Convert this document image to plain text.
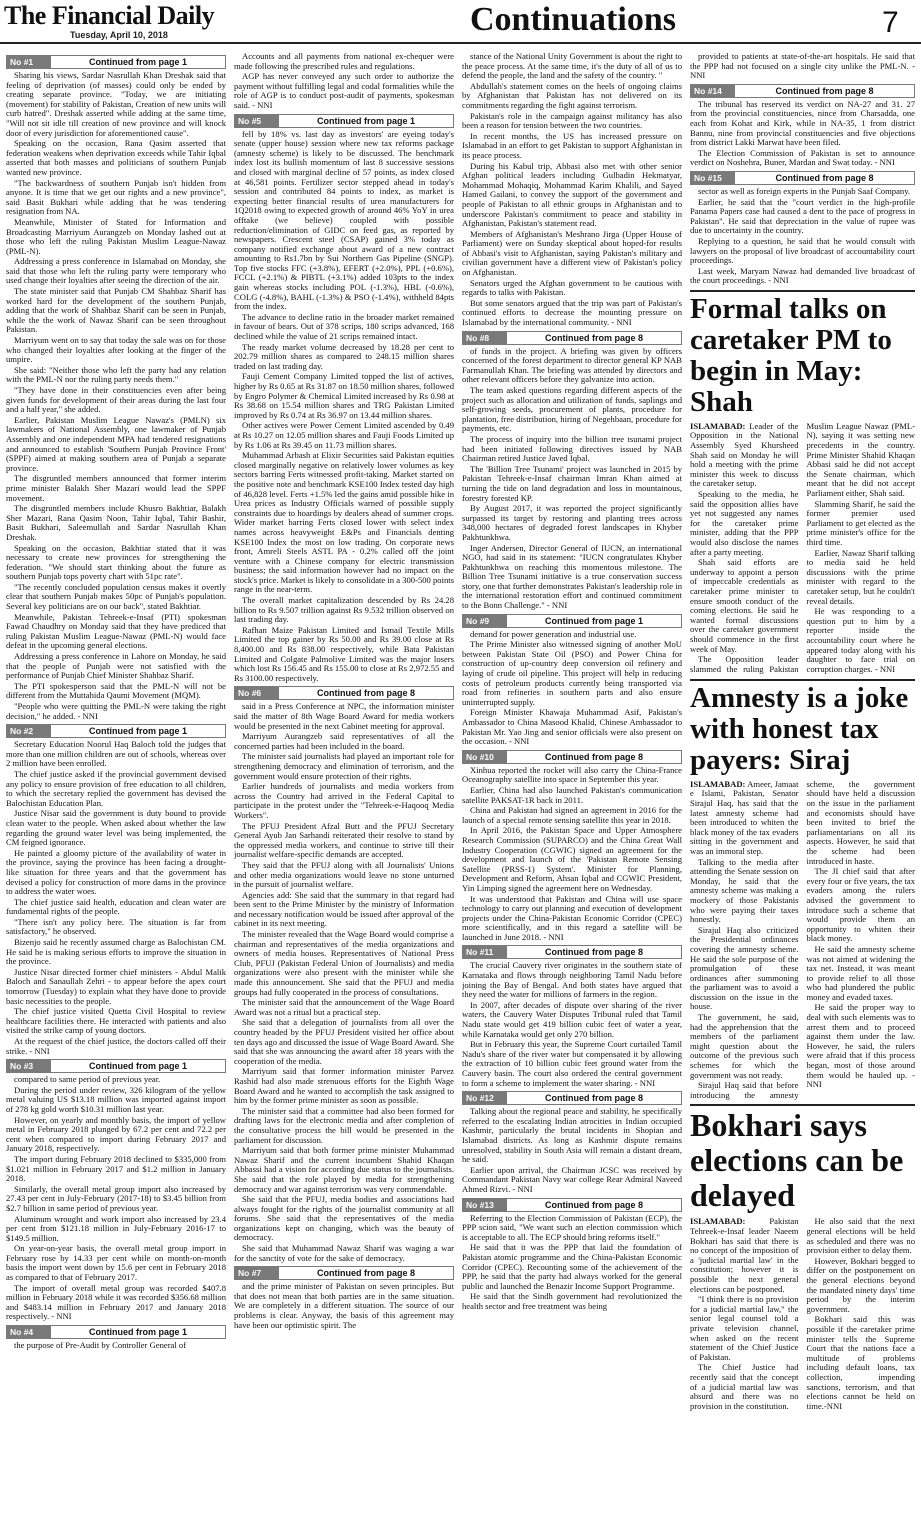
The Financial Daily
Tuesday, April 10, 2018	Continuations	7
No #1	Continued from page 1

Sharing his views, Sardar Nasrullah Khan Dreshak said that feeling of deprivation (of masses) could only be ended by creating separate province. "Today, we are initiating (movement) for stability of Pakistan, Creation of new units will curb hatred". Dreshak asserted while adding at the same time, "Will not sit idle till creation of new province and will knock door of every jurisdiction for aforementioned cause".

Speaking on the occasion, Rana Qasim asserted that federation weakens when deprivation exceeds while Tahir Iqbal asserted that both masses and politicians of southern Punjab wanted new province.

"The backwardness of southern Punjab isn't hidden from anyone. It is time that we get our rights and a new province", said Basit Bukhari while adding that he was tendering resignation from NA.

Meanwhile, Minister of Stated for Information and Broadcasting Marriyum Aurangzeb on Monday lashed out at those who left the ruling Pakistan Muslim League-Nawaz (PML-N).

Addressing a press conference in Islamabad on Monday, she said that those who left the ruling party were temporary who used change their loyalties after seeing the direction of the air.

The state minister said that Punjab CM Shahbaz Sharif has worked hard for the development of the southern Punjab, adding that the work of Shahbaz Sharif can be seen in Punjab, while the the work of Nawaz Sharif can be seen throughout Pakistan.

Marriyum went on to say that today the sale was on for those who changed their loyalties after looking at the finger of the umpire.

She said: "Neither those who left the party had any relation with the PML-N nor the ruling party needs them."

"They have done in their constituencies even after being given funds for development of their areas during the last four and a half year," she added.

Earlier, Pakistan Muslim League Nawaz's (PMLN) six lawmakers of National Assembly, one lawmaker of Punjab Assembly and one independent MPA had tendered resignations and announced to establish 'Southern Punjab Province Front' (SPPF) aimed at making southern area of Punjab a separate province.

The disgruntled members announced that former interim prime minister Balakh Sher Mazari would lead the SPPF movement.

The disgruntled members include Khusro Bakhtiar, Balakh Sher Mazari, Rana Qasim Noon, Tahir Iqbal, Tahir Bashir, Basit Bukhari, Saleemullah and Sardar Nasrullah Khan Dreshak.

Speaking on the occasion, Bakhtiar stated that it was necessary to create new provinces for strengthening the federation. "We should start thinking about the future as southern Punjab tops poverty chart with 51pc rate".

"The recently concluded population census makes it overtly clear that southern Punjab makes 50pc of Punjab's population. Several key politicians are on our back", stated Bakhtiar.

Meanwhile, Pakistan Tehreek-e-Insaf (PTI) spokesman Fawad Chaudhry on Monday said that they have prediced that ruling Pakistan Muslim League-Nawaz (PML-N) would face defeat in the upcoming general elections.

Addressing a press conference in Lahore on Monday, he said that the people of Punjab were not satisfied with the performance of Punjab Chief Minister Shahbaz Sharif.

The PTI spokesperson said that the PML-N will not be different from the Muttahida Qaumi Movement (MQM).

"People who were quitting the PML-N were taking the right decision," he added. - NNI

No #2	Continued from page 1

Secretary Education Noorul Haq Baloch told the judges that more than one million children are out of schools, whereas over 2 million have been enrolled.

The chief justice asked if the provincial government devised any policy to ensure provision of free education to all children, to which the secretary replied the government has devised the Balochistan Education Plan.

Justice Nisar said the government is duty bound to provide clean water to the people. When asked about whether the law regarding the ground water level was being implemented, the CM feigned ignorance.

He painted a gloomy picture of the availability of water in the province, saying the province has been facing a drought-like situation for three years and that the government has devised a policy for construction of more dams in the province to address the water woes.

The chief justice said health, education and clean water are fundamental rights of the people.

"There isn't any policy here. The situation is far from satisfactory," he observed.

Bizenjo said he recently assumed charge as Balochistan CM. He said he is making serious efforts to improve the situation in the province.

Justice Nisar directed former chief ministers - Abdul Malik Baloch and Sanaullah Zehri - to appear before the apex court tomorrow (Tuesday) to explain what they have done to provide basic necessities to the people.

The chief justice visited Quetta Civil Hospital to review healthcare facilities there. He interacted with patients and also visited the strike camp of young doctors.

At the request of the chief justice, the doctors called off their strike. - NNI

No #3	Continued from page 1

compared to same period of previous year.

During the period under review, 326 kilogram of the yellow metal valuing US $13.18 million was imported against import of 278 kg gold worth $10.31 million last year.

However, on yearly and monthly basis, the import of yellow metal in February 2018 plunged by 67.2 per cent and 72.2 per cent when compared to import during February 2017 and January 2018, respectively.

The import during February 2018 declined to $335,000 from $1.021 million in February 2017 and $1.2 million in January 2018.

Similarly, the overall metal group import also increased by 27.43 per cent in July-February (2017-18) to $3.45 billion from $2.7 billion in same period of previous year.

Aluminum wrought and work import also increased by 23.4 per cent from $121.18 million in July-February 2016-17 to $149.5 million.

On year-on-year basis, the overall metal group import in February rose by 14.33 per cent while on month-on-month basis the import went down by 15.6 per cent in February 2018 as compared to that of February 2017.

The import of overall metal group was recorded $407.8 million in February 2018 while it was recorded $356.68 million and $483.14 million in February 2017 and January 2018 respectively. - NNI

No #4	Continued from page 1

the purpose of Pre-Audit by Controller General of

Accounts and all payments from national ex-chequer were made following the prescribed rules and regulations.

AGP has never conveyed any such order to authorize the payment without fulfilling legal and codal formalities while the role of AGP is to conduct post-audit of payments, spokesman said. - NNI

No #5	Continued from page 1

fell by 18% vs. last day as investors' are eyeing today's senate (upper house) session where new tax reforms package (amnesty scheme) is likely to be discussed. The benchmark index lost its bullish momentum of last 8 successive sessions and closed with marginal decline of 57 points, as index closed at 46,581 points. Fertilizer sector stepped ahead in today's session and contributed 84 points to index, as market is expecting better financial results of urea manufacturers for 1Q2018 owing to expected growth of around 46% YoY in urea offtake (we believe) coupled with possible reduction/elimination of GIDC on feed gas, as reported by newspapers. Crescent steel (CSAP) gained 3% today as company notified exchange about award of a new contract amounting to Rs1.7bn by Sui Northern Gas Pipeline (SNGP). Top five stocks FFC (+3.8%), EFERT (+2.0%), PPL (+0.6%), FCCL (+2.1%) & PIBTL (+3.1%) added 103pts to the index gain whereas stocks including POL (-1.3%), HBL (-0.6%), COLG (-4.8%), BAHL (-1.3%) & PSO (-1.4%), withheld 84pts from the index.

The advance to decline ratio in the broader market remained in favour of bears. Out of 378 scrips, 180 scrips advanced, 168 declined while the value of 21 scrips remained intact.

The ready market volume decreased by 18.28 per cent to 202.79 million shares as compared to 248.15 million shares traded on last trading day.

Fauji Cement Company Limited topped the list of actives, higher by Rs 0.65 at Rs 31.87 on 18.50 million shares, followed by Engro Polymer & Chemical Limited increased by Rs 0.98 at Rs 38.68 on 15.54 million shares and TRG Pakistan Limited improved by Rs 0.74 at Rs 36.97 on 13.44 million shares.

Other actives were Power Cement Limited ascended by 0.49 at Rs 10.27 on 12.05 million shares and Fauji Foods Limited up by Rs 1.06 at Rs 39.45 on 11.73 million shares.

Muhammad Arbash at Elixir Securities said Pakistan equities closed marginally negative on relatively lower volumes as key sectors barring Ferts witnessed profit-taking. Market started on the positive note and benchmark KSE100 Index tested day high of 46,828 level. Ferts +1.5% led the gains amid possible hike in Urea prices as Industry Officials warned of possible supply constraints due to hoardings by dealers ahead of summer crops. Wider market barring Ferts closed lower with select index names across heavyweight E&Ps and Financials denting KSE100 Index the most on low trading. On corporate news front, Amreli Steels ASTL PA - 0.2% called off the joint venture with a Chinese company for electric transmission business; the said information however had no impact on the stock's price. Market is likely to consolidate in a 300-500 points range in the near-term.

The overall market capitalization descended by Rs 24.28 billion to Rs 9.507 trillion against Rs 9.532 trillion observed on last trading day.

Rafhan Maize Pakistan Limited and Ismail Textile Mills Limited the top gainer by Rs 50.00 and Rs 39.00 close at Rs 8,400.00 and Rs 838.00 respectively, while Bata Pakistan Limited and Colgate Palmolive Limited was the major losers which lost Rs 156.45 and Rs 155.00 to close at Rs 2,972.55 and Rs 3100.00 respectively.

No #6	Continued from page 8

said in a Press Conference at NPC, the information minister said the matter of 8th Wage Board Award for media workers would be presented in the next Cabinet meeting for approval.

Marriyum Aurangzeb said representatives of all the concerned parties had been included in the board.

The minister said journalists had played an important role for strengthening democracy and elimination of terrorism, and the government would ensure protection of their rights.

Earlier hundreds of journalists and media workers from across the Country had arrived in the Federal Capital to participate in the protest under the "Tehreek-e-Haqooq Media Workers".

The PFUJ President Afzal Butt and the PFUJ Secretary General Ayub Jan Sarhandi reiterated their resolve to stand by the oppressed media workers, and continue to strive till their journalist welfare-specific demands are accepted.

They said that the PFUJ along with all Journalists' Unions and other media organizations would leave no stone unturned in the pursuit of journalist welfare.

Agencies add: She said that the summary in that regard had been sent to the Prime Minister by the ministry of Information and necessary notification would be issued after approval of the cabinet in its next meeting.

The minister revealed that the Wage Board would comprise a chairman and representatives of the media organizations and owners of media houses. Representatives of National Press Club, PFUJ (Pakistan Federal Union of Journalists) and media organizations were also present with the minister while she made this announcement. She said that the PFUJ and media groups had fully cooperated in the process of consultations.

The minister said that the announcement of the Wage Board Award was not a ritual but a practical step.

She said that a delegation of journalists from all over the country headed by the PFUJ President visited her office about ten days ago and discussed the issue of Wage Board Award. She said that she was announcing the award after 18 years with the cooperation of the media.

Marriyum said that former information minister Parvez Rashid had also made strenuous efforts for the Eighth Wage Board Award and he wanted to accomplish the task assigned to him by the former prime minister as soon as possible.

The minister said that a committee had also been formed for drafting laws for the electronic media and after completion of the consultative process the bill would be presented in the parliament for discussion.

Marriyum said that both former prime minister Muhammad Nawaz Sharif and the current incumbent Shahid Khaqan Abbassi had a vision for according due status to the journalists. She said that the role played by media for strengthening democracy and war against terrorism was very commendable.

She said that the PFUJ, media bodies and associations had always fought for the rights of the journalist community at all forums. She said that the representatives of the media organizations kept on changing, which was the beauty of democracy.

She said that Muhammad Nawaz Sharif was waging a war for the sanctity of vote for the sake of democracy.

No #7	Continued from page 8

and the prime minister of Pakistan on seven principles. But that does not mean that both parties are in the same situation. We are completely in a different situation. The source of our problems is clear. Anyway, the basis of this agreement may have been our optimistic spirit. The

stance of the National Unity Government is about the right to the peace process. At the same time, it's the duty of all of us to defend the people, the land and the safety of the country. "

Abdullah's statement comes on the heels of ongoing claims by Afghanistan that Pakistan has not delivered on its commitments regarding the fight against terrorism.

Pakistan's role in the campaign against militancy has also been a reason for tension between the two countries.

In recent months, the US has increased pressure on Islamabad in an effort to get Pakistan to support Afghanistan in its peace process.

During his Kabul trip, Abbasi also met with other senior Afghan political leaders including Gulbadin Hekmatyar, Mohammad Mohaqiq, Mohammad Karim Khalili, and Sayed Hamed Gailani, to convey the support of the government and people of Pakistan to all ethnic groups in Afghanistan and to underscore Pakistan's commitment to peace and stability in Afghanistan, Pakistan's statement read.

Members of Afghanistan's Meshrano Jirga (Upper House of Parliament) were on Sunday skeptical about hoped-for results of Abbasi's visit to Afghanistan, saying Pakistan's military and civilian government have a different view of Pakistan's policy on Afghanistan.

Senators urged the Afghan government to be cautious with regards to talks with Pakistan.

But some senators argued that the trip was part of Pakistan's continued efforts to decrease the mounting pressure on Islamabad by the international community. - NNI

No #8	Continued from page 8

of funds in the project. A briefing was given by officers concerned of the forest department to director general KP NAB Farmanullah Khan. The briefing was attended by directors and other relevant officers before they galvanize into action.

The team asked questions regarding different aspects of the project such as allocation and utilization of funds, saplings and self-growing seeds, procurement of plants, procedure for plantation, free distribution, hiring of Negehbaan, procedure for payments, etc.

The process of inquiry into the billion tree tsunami project had been initiated following directives issued by NAB Chairman retired Justice Javed Iqbal.

The 'Billion Tree Tsunami' project was launched in 2015 by Pakistan Tehreek-e-Insaf chairman Imran Khan aimed at turning the tide on land degradation and loss in mountainous, forestry forested KP.

By August 2017, it was reported the project significantly surpassed its target by restoring and planting trees across 348,000 hectares of degraded forest landscapes in Khyber Pakhtunkhwa.

Inger Andersen, Director General of IUCN, an international NGO, had said in its statement: "IUCN congratulates Khyber Pakhtunkhwa on reaching this momentous milestone. The Billion Tree Tsunami initiative is a true conservation success story, one that further demonstrates Pakistan's leadership role in the international restoration effort and continued commitment to the Bonn Challenge." - NNI

No #9	Continued from page 1

demand for power generation and industrial use.

The Prime Minister also witnessed signing of another MoU between Pakistan State Oil (PSO) and Power China for construction of up-country deep conversion oil refinery and laying of crude oil pipeline. This project will help in reducing costs of petroleum products currently being transported via road from refineries in southern parts and also ensure uninterrupted supply.

Foreign Minister Khawaja Muhammad Asif, Pakistan's Ambassador to China Masood Khalid, Chinese Ambassador to Pakistan Mr. Yao Jing and senior officials were also present on the occasion. - NNI

No #10	Continued from page 8

Xinhua reported the rocket will also carry the China-France Oceanography satellite into space in September this year.

Earlier, China had also launched Pakistan's communication satellite PAKSAT-1R back in 2011.

China and Pakistan had signed an agreement in 2016 for the launch of a special remote sensing satellite this year in 2018.

In April 2016, the Pakistan Space and Upper Atmosphere Research Commission (SUPARCO) and the China Great Wall Industry Cooperation (CGWIC) signed an agreement for the development and launch of the 'Pakistan Remote Sensing Satellite (PRSS-1) System'. Minister for Planning, Development and Reform, Ahsan Iqbal and CGWIC President, Yin Limping signed the agreement here on Wednesday.

It was understood that Pakistan and China will use space technology to carry out planning and execution of development projects under the China-Pakistan Economic Corridor (CPEC) more scientifically, and in this regard a satellite will be launched in June 2018. - NNI

No #11	Continued from page 8

The crucial Cauvery river originates in the southern state of Karnataka and flows through neighboring Tamil Nadu before joining the Bay of Bengal. And both states have argued that they need the water for millions of farmers in the region.

In 2007, after decades of dispute over sharing of the river waters, the Cauvery Water Disputes Tribunal ruled that Tamil Nadu state would get 419 billion cubic feet of water a year, while Karnataka would get only 270 billion.

But in February this year, the Supreme Court curtailed Tamil Nadu's share of the river water but compensated it by allowing the extraction of 10 billion cubic feet ground water from the Cauvery basin. The court also ordered the central government to form a scheme to implement the water sharing. - NNI

No #12	Continued from page 8

Talking about the regional peace and stability, he specifically referred to the escalating Indian atrocities in Indian occupied Kashmir, particularly the brutal incidents in Shopian and Islamabad districts. As long as Kashmir dispute remains unresolved, stability in South Asia will remain a distant dream, he said.

Earlier upon arrival, the Chairman JCSC was received by Commandant Pakistan Navy war college Rear Admiral Naveed Ahmed Rizvi. - NNI

No #13	Continued from page 8

Referring to the Election Commission of Pakistan (ECP), the PPP scion said, "We want such an election commission which is acceptable to all. The ECP should bring reforms itself."

He said that it was the PPP that laid the foundation of Pakistan atomic programme and the China-Pakistan Economic Corridor (CPEC). Recounting some of the achievement of the PPP, he said that the party had always worked for the general public and launched the Benazir Income Support Programme.

He said that the Sindh government had revolutionized the health sector and free treatment was being

provided to patients at state-of-the-art hospitals. He said that the PPP had not focused on a single city unlike the PML-N. - NNI

No #14	Continued from page 8

The tribunal has reserved its verdict on NA-27 and 31. 27 from the provincial constituencies, nince from Charsadda, one each from Kohat and Kirk, while in NA-35, 1 from district Bannu, nine from provincial constituencies and five objections from district Lakki Marwat have been filed.

The Election Commission of Pakistan is set to announce verdict on Noshehra, Buner, Mardan and Swat today. - NNI

No #15	Continued from page 8

sector as well as foreign experts in the Punjab Saaf Company.

Earlier, he said that the "court verdict in the high-profile Panama Papers case had caused a dent to the pace of progress in Pakistan". He said that depreciation in the value of rupee was due to uncertainty in the country.

Replying to a question, he said that he would consult with lawyers on the proposal of live broadcast of accountability court proceedings.

Last week, Maryam Nawaz had demanded live broadcast of the court proceedings. - NNI

Formal talks on caretaker PM to begin in May: Shah

ISLAMABAD: Leader of the Opposition in the National Assembly Syed Khursheed Shah said on Monday he will hold a meeting with the prime minister this week to discuss the caretaker setup.

Speaking to the media, he said the opposition allies have yet not suggested any names for the caretaker prime minister, adding that the PPP would also disclose the names after a party meeting.

Shah said efforts are underway to appoint a person of impeccable credentials as caretaker prime minister to ensure smooth conduct of the coming elections. He said he wanted formal discussions over the caretaker government should commence in the first week of May.

The Opposition leader slammed the ruling Pakistan Muslim League Nawaz (PML-N), saying it was setting new precedents in the country. Prime Minister Shahid Khaqan Abbasi said he did not accept the Senate chairman, which meant that he did not accept Parliament either, Shah said.

Slamming Sharif, he said the former premier used Parliament to get elected as the prime minister's office for the third time.

Earlier, Nawaz Sharif talking to media said he held discussions with the prime minister with regard to the caretaker setup, but he couldn't reveal details.

He was responding to a question put to him by a reporter inside the accountability court where he appeared today along with his daughter to face trial on corruption charges. - NNI

Amnesty is a joke with honest tax payers: Siraj

ISLAMABAD: Ameer, Jamaat e Islami, Pakistan, Senator Sirajul Haq, has said that the latest amnesty scheme had been introduced to whiten the black money of the tax evaders sitting in the government and was an immoral step.

Talking to the media after attending the Senate session on Monday, he said that the amnesty scheme was making a mockery of those Pakistanis who were paying their taxes honestly.

Sirajul Haq also criticized the Presidential ordinances covering the amnesty scheme. He said the sole purpose of the promulgation of these ordinances after summoning the parliament was to avoid a discussion on the issue in the house.

The government, he said, had the apprehension that the members of the parliament might question about the outcome of the previous such schemes for which the government was not ready.

Sirajul Haq said that before introducing the amnesty scheme, the government should have held a discussion on the issue in the parliament and economists should have been invited to brief the parliamentarians on all its aspects. However, he said that the scheme had been introduced in haste.

The JI chief said that after every four or five years, the tax evaders among the rulers advised the government to introduce such a scheme that would provide them an opportunity to whiten their black money.

He said the amnesty scheme was not aimed at widening the tax net. Instead, it was meant to provide relief to all those who had plundered the public money and evaded taxes.

He said the proper way to deal with such elements was to arrest them and to proceed against them under the law. However, he said, the rulers were afraid that if this process began, most of those around them would be hauled up. - NNI

Bokhari says elections can be delayed

ISLAMABAD:	Pakistan Tehreek-e-Insaf leader Naeem Bokhari has said that there is no concept of the imposition of a 'judicial martial law' in the constitution; however it is possible the next general elections can be postponed.

"I think there is no provision for a judicial martial law," the senior legal counsel told a private television channel, when asked on the recent statement of the Chief Justice of Pakistan.

The Chief Justice had recently said that the concept of a judicial martial law was absurd and there was no provision in the constitution.

He also said that the next general elections will be held as scheduled and there was no provision either to delay them.

However, Bokhari begged to differ on the postponement on the general elections beyond the mandated ninety days' time period by the interim government.

Bokhari said this was possible if the caretaker prime minister tells the Supreme Court that the nations face a multitude of problems including default loans, tax collection, impending sanctions, terrorism, and that elections cannot be held on time.-NNI
